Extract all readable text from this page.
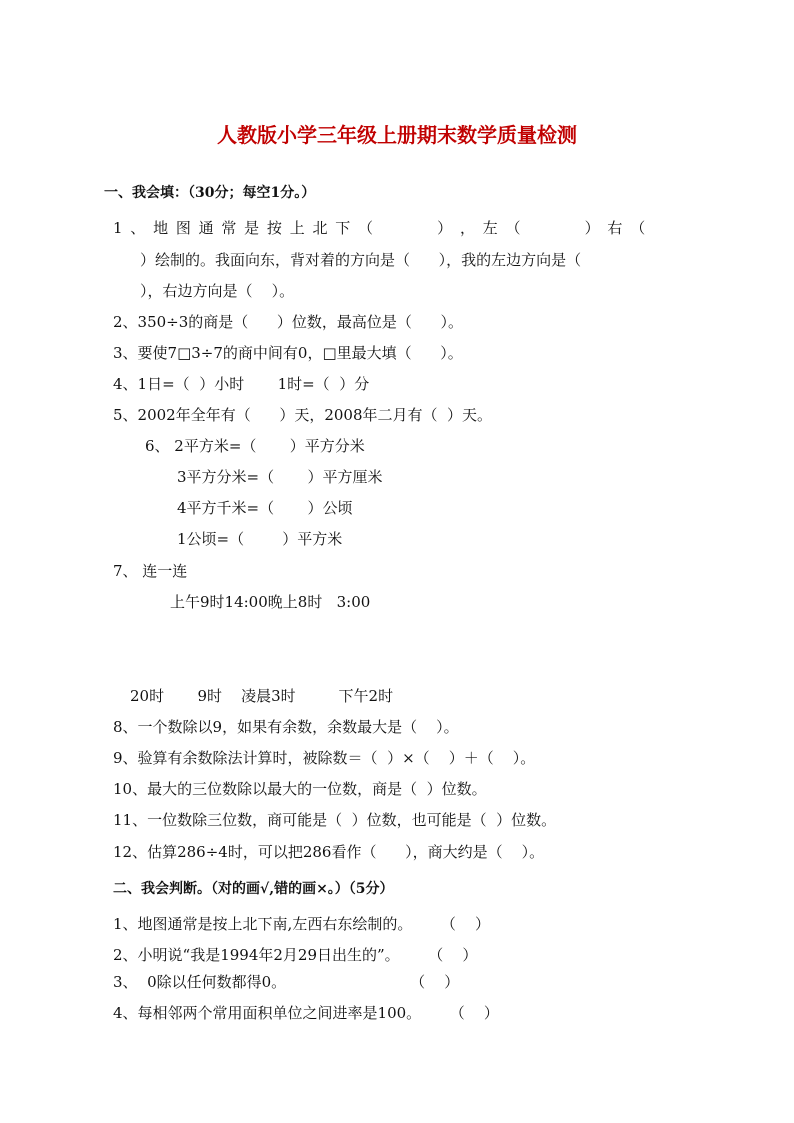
人教版小学三年级上册期末数学质量检测
一、我会填：（30分；每空1分。）
1 、 地 图 通 常 是 按 上 北 下 （          ） ， 左 （          ） 右 （
）绘制的。我面向东，背对着的方向是（      ），我的左边方向是（
），右边方向是（    ）。
2、350÷3的商是（      ）位数，最高位是（      ）。
3、要使7□3÷7的商中间有0，□里最大填（      ）。
4、1日=（  ）小时       1时=（  ）分
5、2002年全年有（      ）天，2008年二月有（  ）天。
6、 2平方米=（       ）平方分米
3平方分米=（       ）平方厘米
4平方千米=（       ）公顷
1公顷=（        ）平方米
7、 连一连
上午9时14:00晚上8时   3:00
20时       9时    凌晨3时         下午2时
8、一个数除以9，如果有余数，余数最大是（    ）。
9、验算有余数除法计算时，被除数＝（  ）×（    ）＋（    ）。
10、最大的三位数除以最大的一位数，商是（  ）位数。
11、一位数除三位数，商可能是（  ）位数，也可能是（  ）位数。
12、估算286÷4时，可以把286看作（      ），商大约是（    ）。
二、我会判断。（对的画√,错的画×。）（5分）
1、地图通常是按上北下南,左西右东绘制的。      （    ）
2、小明说“我是1994年2月29日出生的”。      （    ）
3、  0除以任何数都得0。                          （    ）
4、每相邻两个常用面积单位之间进率是100。      （    ）
